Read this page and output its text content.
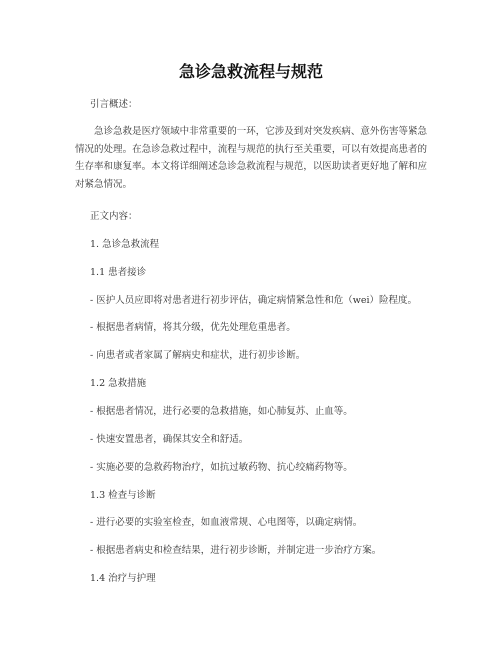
急诊急救流程与规范
引言概述：
急诊急救是医疗领域中非常重要的一环，它涉及到对突发疾病、意外伤害等紧急情况的处理。在急诊急救过程中，流程与规范的执行至关重要，可以有效提高患者的生存率和康复率。本文将详细阐述急诊急救流程与规范，以医助读者更好地了解和应对紧急情况。
正文内容：
1. 急诊急救流程
1.1 患者接诊
- 医护人员应即将对患者进行初步评估，确定病情紧急性和危（wei）险程度。
- 根据患者病情，将其分级，优先处理危重患者。
- 向患者或者家属了解病史和症状，进行初步诊断。
1.2 急救措施
- 根据患者情况，进行必要的急救措施，如心肺复苏、止血等。
- 快速安置患者，确保其安全和舒适。
- 实施必要的急救药物治疗，如抗过敏药物、抗心绞痛药物等。
1.3 检查与诊断
- 进行必要的实验室检查，如血液常规、心电图等，以确定病情。
- 根据患者病史和检查结果，进行初步诊断，并制定进一步治疗方案。
1.4 治疗与护理
